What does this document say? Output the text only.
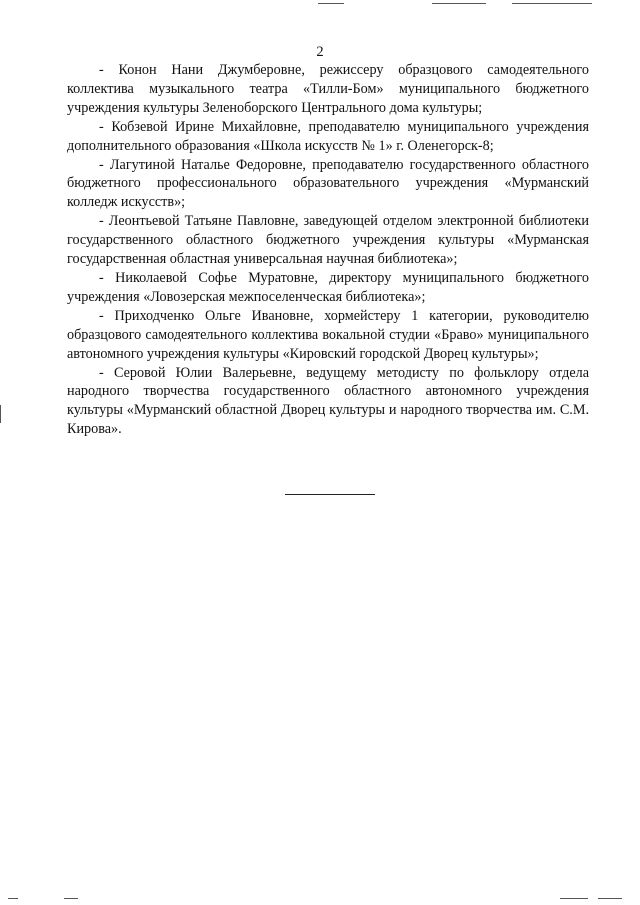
2

- Конон Нани Джумберовне, режиссеру образцового самодеятельного коллектива музыкального театра «Тилли-Бом» муниципального бюджетного учреждения культуры Зеленоборского Центрального дома культуры;

- Кобзевой Ирине Михайловне, преподавателю муниципального учреждения дополнительного образования «Школа искусств № 1» г. Оленегорск-8;

- Лагутиной Наталье Федоровне, преподавателю государственного областного бюджетного профессионального образовательного учреждения «Мурманский колледж искусств»;

- Леонтьевой Татьяне Павловне, заведующей отделом электронной библиотеки государственного областного бюджетного учреждения культуры «Мурманская государственная областная универсальная научная библиотека»;

- Николаевой Софье Муратовне, директору муниципального бюджетного учреждения «Ловозерская межпоселенческая библиотека»;

- Приходченко Ольге Ивановне, хормейстеру 1 категории, руководителю образцового самодеятельного коллектива вокальной студии «Браво» муниципального автономного учреждения культуры «Кировский городской Дворец культуры»;

- Серовой Юлии Валерьевне, ведущему методисту по фольклору отдела народного творчества государственного областного автономного учреждения культуры «Мурманский областной Дворец культуры и народного творчества им. С.М. Кирова».
